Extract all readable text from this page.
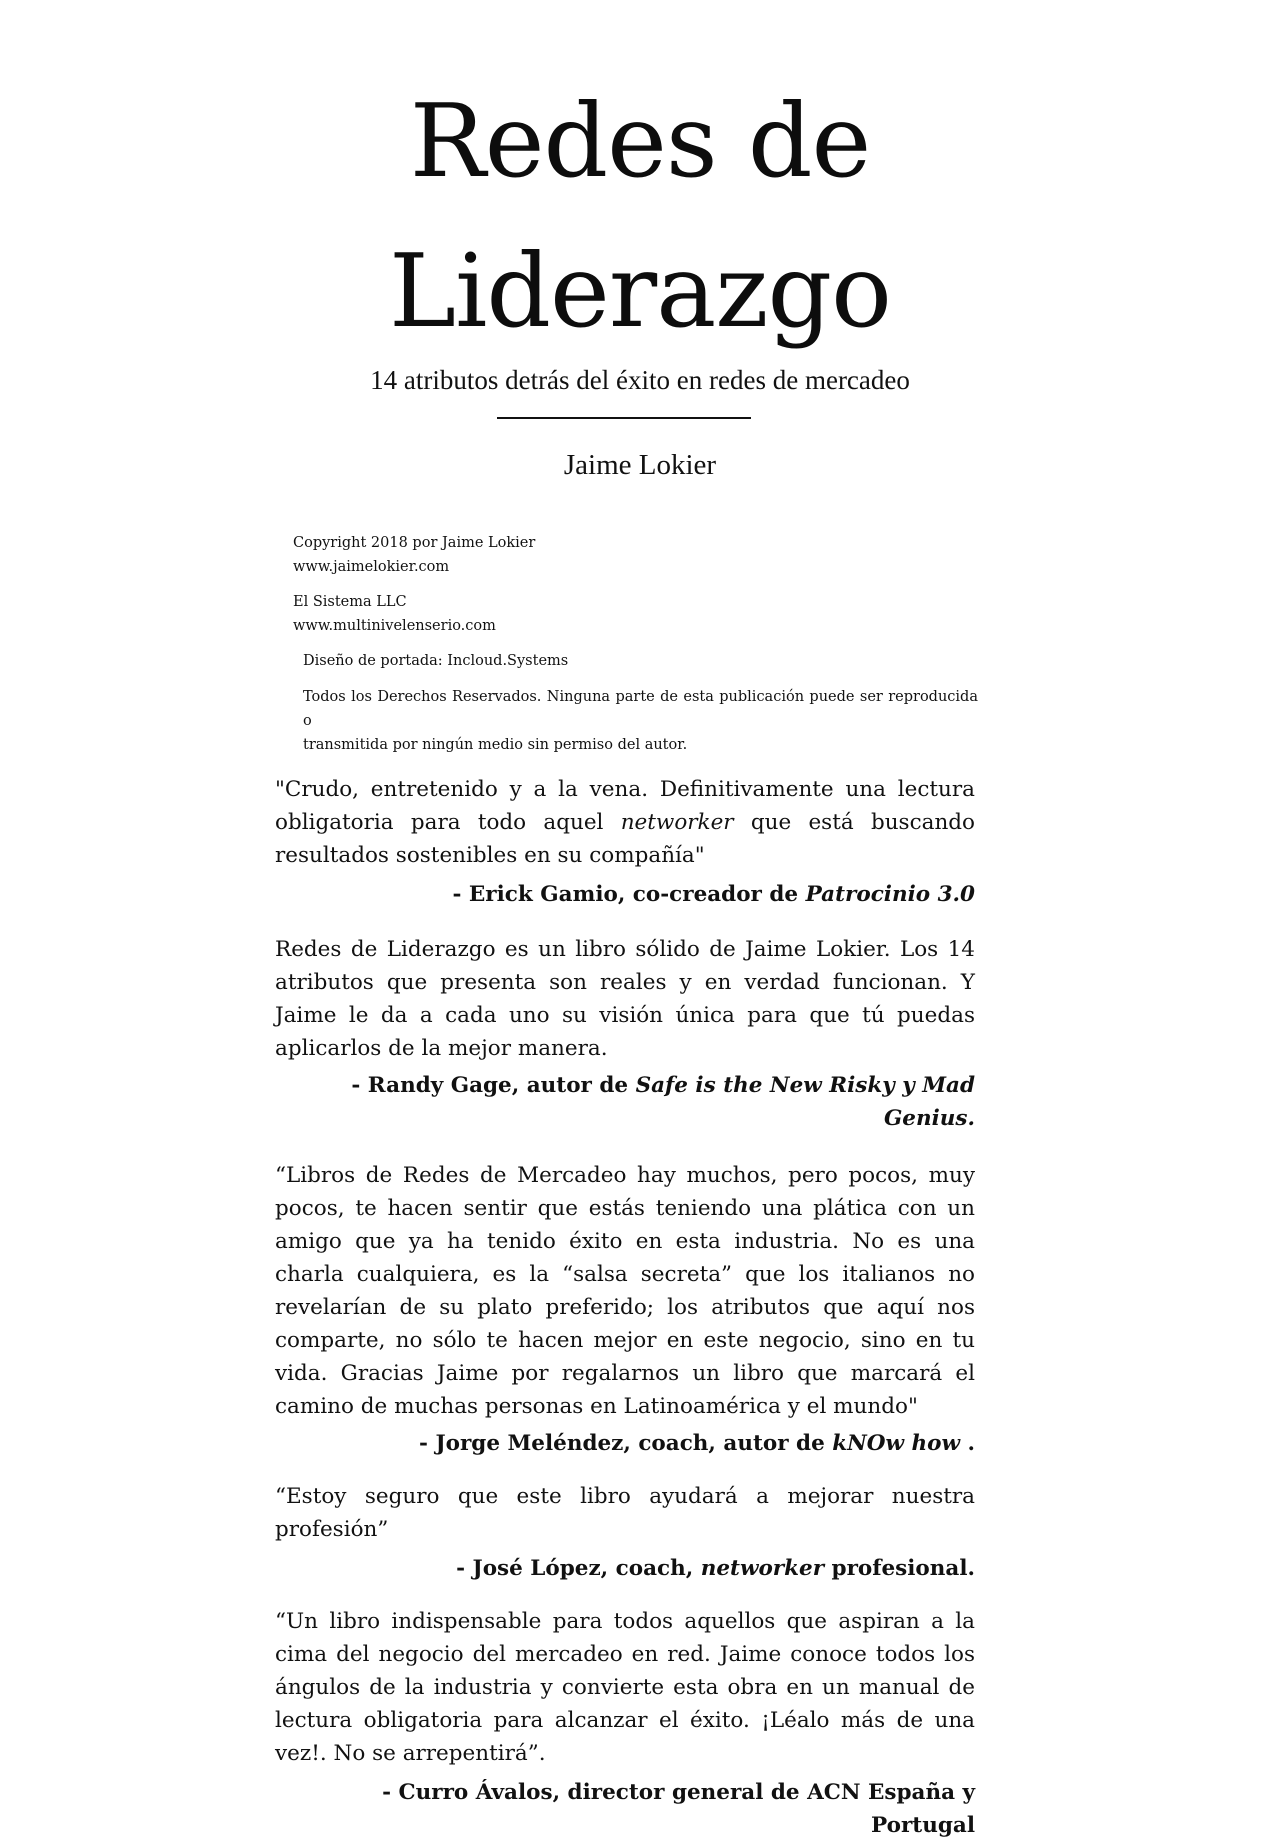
Redes de
Liderazgo
14 atributos detrás del éxito en redes de mercadeo
Jaime Lokier
Copyright 2018 por Jaime Lokier
www.jaimelokier.com
El Sistema LLC
www.multinivelenserio.com
Diseño de portada: Incloud.Systems

Todos los Derechos Reservados. Ninguna parte de esta publicación puede ser reproducida o

transmitida por ningún medio sin permiso del autor.

"Crudo, entretenido y a la vena. Definitivamente una lectura obligatoria para todo aquel networker que está buscando resultados sostenibles en su compañía"

- Erick Gamio, co-creador de Patrocinio 3.0

Redes de Liderazgo es un libro sólido de Jaime Lokier. Los 14 atributos que presenta son reales y en verdad funcionan. Y Jaime le da a cada uno su visión única para que tú puedas aplicarlos de la mejor manera.

- Randy Gage, autor de Safe is the New Risky y Mad Genius.

“Libros de Redes de Mercadeo hay muchos, pero pocos, muy pocos, te hacen sentir que estás teniendo una plática con un amigo que ya ha tenido éxito en esta industria. No es una charla cualquiera, es la “salsa secreta” que los italianos no revelarían de su plato preferido; los atributos que aquí nos comparte, no sólo te hacen mejor en este negocio, sino en tu vida. Gracias Jaime por regalarnos un libro que marcará el camino de muchas personas en Latinoamérica y el mundo"

- Jorge Meléndez, coach, autor de kNOw how .

“Estoy seguro que este libro ayudará a mejorar nuestra profesión”

- José López, coach, networker profesional.

“Un libro indispensable para todos aquellos que aspiran a la cima del negocio del mercadeo en red. Jaime conoce todos los ángulos de la industria y convierte esta obra en un manual de lectura obligatoria para alcanzar el éxito. ¡Léalo más de una vez!. No se arrepentirá”.

- Curro Ávalos, director general de ACN España y Portugal
